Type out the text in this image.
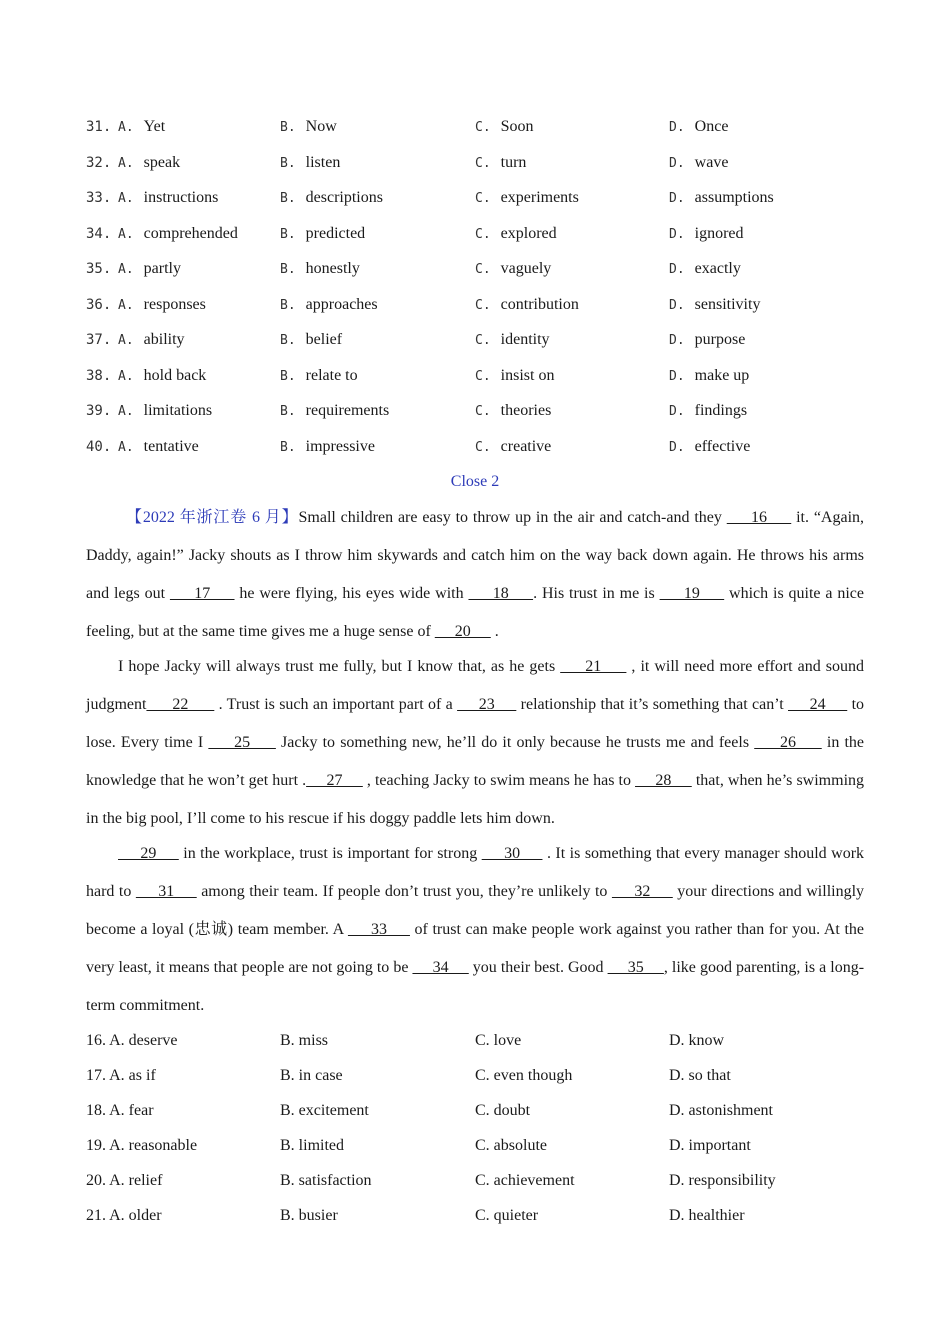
31. A. Yet	B. Now	C. Soon	D. Once
32. A. speak	B. listen	C. turn	D. wave
33. A. instructions	B. descriptions	C. experiments	D. assumptions
34. A. comprehended	B. predicted	C. explored	D. ignored
35. A. partly	B. honestly	C. vaguely	D. exactly
36. A. responses	B. approaches	C. contribution	D. sensitivity
37. A. ability	B. belief	C. identity	D. purpose
38. A. hold back	B. relate to	C. insist on	D. make up
39. A. limitations	B. requirements	C. theories	D. findings
40. A. tentative	B. impressive	C. creative	D. effective
Close 2
【2022 年浙江卷 6 月】Small children are easy to throw up in the air and catch-and they      16      it. “Again, Daddy, again!” Jacky shouts as I throw him skywards and catch him on the way back down again. He throws his arms and legs out      17      he were flying, his eyes wide with      18     . His trust in me is      19      which is quite a nice feeling, but at the same time gives me a huge sense of      20      .
I hope Jacky will always trust me fully, but I know that, as he gets      21      , it will need more effort and sound judgment      22       . Trust is such an important part of a      23      relationship that it’s something that can’t      24      to lose. Every time I      25      Jacky to something new, he’ll do it only because he trusts me and feels      26      in the knowledge that he won’t get hurt .     27      , teaching Jacky to swim means he has to      28      that, when he’s swimming in the big pool, I’ll come to his rescue if his doggy paddle lets him down.
29      in the workplace, trust is important for strong      30      . It is something that every manager should work hard to      31      among their team. If people don’t trust you, they’re unlikely to      32      your directions and willingly become a loyal (忠诚) team member. A      33      of trust can make people work against you rather than for you. At the very least, it means that people are not going to be      34      you their best. Good      35     , like good parenting, is a long-term commitment.
16. A. deserve	B. miss	C. love	D. know
17. A. as if	B. in case	C. even though	D. so that
18. A. fear	B. excitement	C. doubt	D. astonishment
19. A. reasonable	B. limited	C. absolute	D. important
20. A. relief	B. satisfaction	C. achievement	D. responsibility
21. A. older	B. busier	C. quieter	D. healthier
